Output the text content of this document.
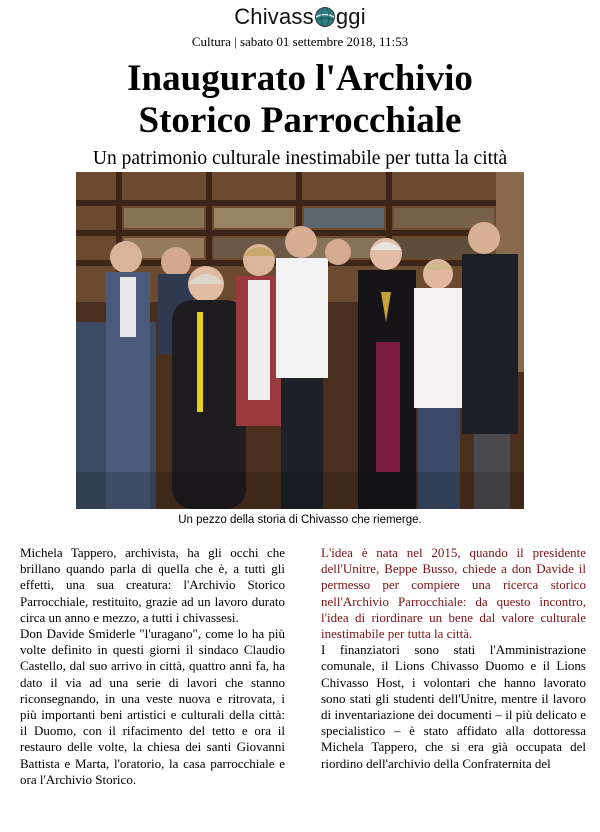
Chivass ggi
Cultura | sabato 01 settembre 2018, 11:53
Inaugurato l'Archivio
Storico Parrocchiale
Un patrimonio culturale inestimabile per tutta la città
Un pezzo della storia di Chivasso che riemerge.

Michela Tappero, archivista, ha gli occhi che brillano quando parla di quella che è, a tutti gli effetti, una sua creatura: l'Archivio Storico Parrocchiale, restituito, grazie ad un lavoro durato circa un anno e mezzo, a tutti i chivassesi.

Don Davide Smiderle "l'uragano", come lo ha più volte definito in questi giorni il sindaco Claudio Castello, dal suo arrivo in città, quattro anni fa, ha dato il via ad una serie di lavori che stanno riconsegnando, in una veste nuova e ritrovata, i più importanti beni artistici e culturali della città: il Duomo, con il rifacimento del tetto e ora il restauro delle volte, la chiesa dei santi Giovanni Battista e Marta, l'oratorio, la casa parrocchiale e ora l'Archivio Storico.

L'idea è nata nel 2015, quando il presidente dell'Unitre, Beppe Busso, chiede a don Davide il permesso per compiere una ricerca storico nell'Archivio Parrocchiale: da questo incontro, l'idea di riordinare un bene dal valore culturale inestimabile per tutta la città.

I finanziatori sono stati l'Amministrazione comunale, il Lions Chivasso Duomo e il Lions Chivasso Host, i volontari che hanno lavorato sono stati gli studenti dell'Unitre, mentre il lavoro di inventariazione dei documenti – il più delicato e specialistico – è stato affidato alla dottoressa Michela Tappero, che si era già occupata del riordino dell'archivio della Confraternita del
